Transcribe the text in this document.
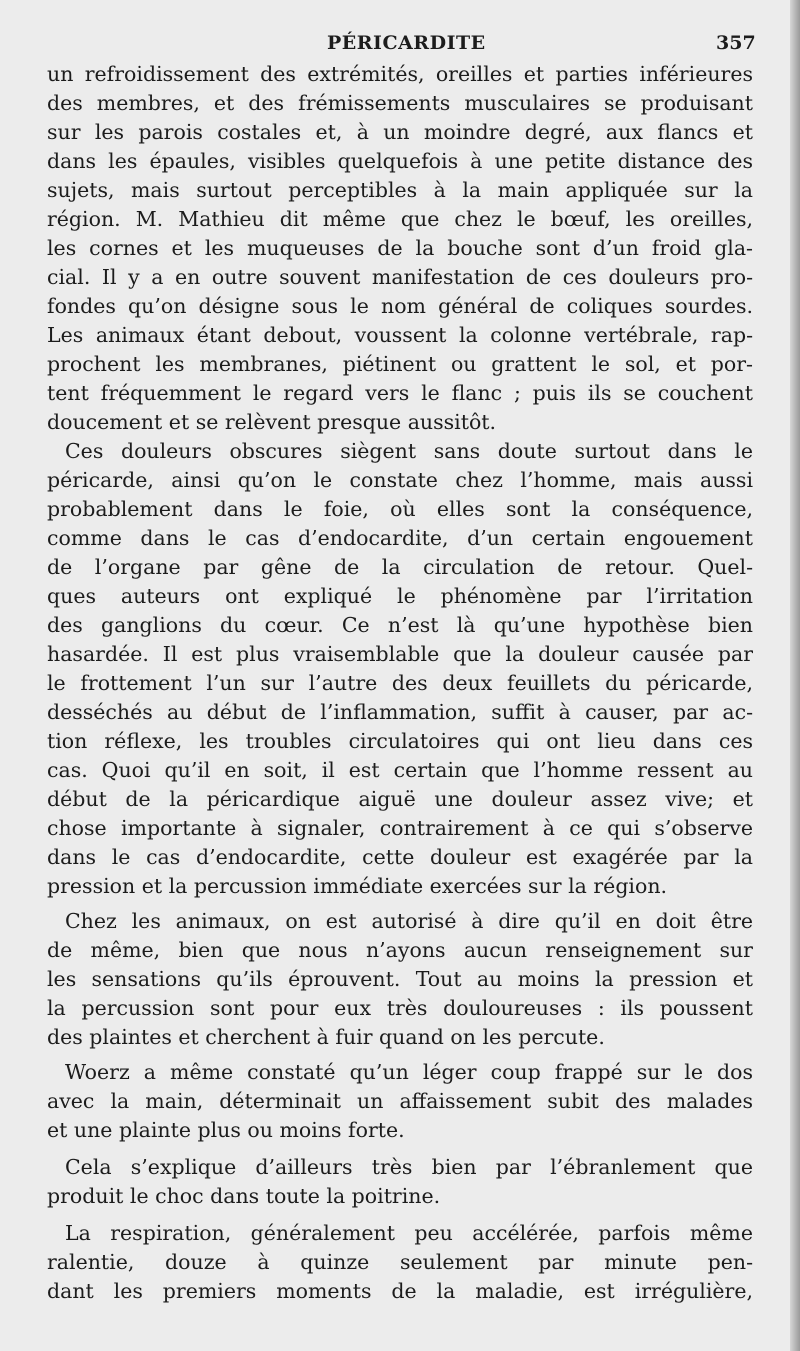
PÉRICARDITE	357
un refroidissement des extrémités, oreilles et parties inférieures
des membres, et des frémissements musculaires se produisant
sur les parois costales et, à un moindre degré, aux flancs et
dans les épaules, visibles quelquefois à une petite distance des
sujets, mais surtout perceptibles à la main appliquée sur la
région. M. Mathieu dit même que chez le bœuf, les oreilles,
les cornes et les muqueuses de la bouche sont d’un froid gla-
cial. Il y a en outre souvent manifestation de ces douleurs pro-
fondes qu’on désigne sous le nom général de coliques sourdes.
Les animaux étant debout, voussent la colonne vertébrale, rap-
prochent les membranes, piétinent ou grattent le sol, et por-
tent fréquemment le regard vers le flanc ; puis ils se couchent
doucement et se relèvent presque aussitôt.
Ces douleurs obscures siègent sans doute surtout dans le
péricarde, ainsi qu’on le constate chez l’homme, mais aussi
probablement dans le foie, où elles sont la conséquence,
comme dans le cas d’endocardite, d’un certain engouement
de l’organe par gêne de la circulation de retour. Quel-
ques auteurs ont expliqué le phénomène par l’irritation
des ganglions du cœur. Ce n’est là qu’une hypothèse bien
hasardée. Il est plus vraisemblable que la douleur causée par
le frottement l’un sur l’autre des deux feuillets du péricarde,
desséchés au début de l’inflammation, suffit à causer, par ac-
tion réflexe, les troubles circulatoires qui ont lieu dans ces
cas. Quoi qu’il en soit, il est certain que l’homme ressent au
début de la péricardique aiguë une douleur assez vive; et
chose importante à signaler, contrairement à ce qui s’observe
dans le cas d’endocardite, cette douleur est exagérée par la
pression et la percussion immédiate exercées sur la région.
Chez les animaux, on est autorisé à dire qu’il en doit être
de même, bien que nous n’ayons aucun renseignement sur
les sensations qu’ils éprouvent. Tout au moins la pression et
la percussion sont pour eux très douloureuses : ils poussent
des plaintes et cherchent à fuir quand on les percute.
Woerz a même constaté qu’un léger coup frappé sur le dos
avec la main, déterminait un affaissement subit des malades
et une plainte plus ou moins forte.
Cela s’explique d’ailleurs très bien par l’ébranlement que
produit le choc dans toute la poitrine.
La respiration, généralement peu accélérée, parfois même
ralentie, douze à quinze seulement par minute pen-
dant les premiers moments de la maladie, est irrégulière,
